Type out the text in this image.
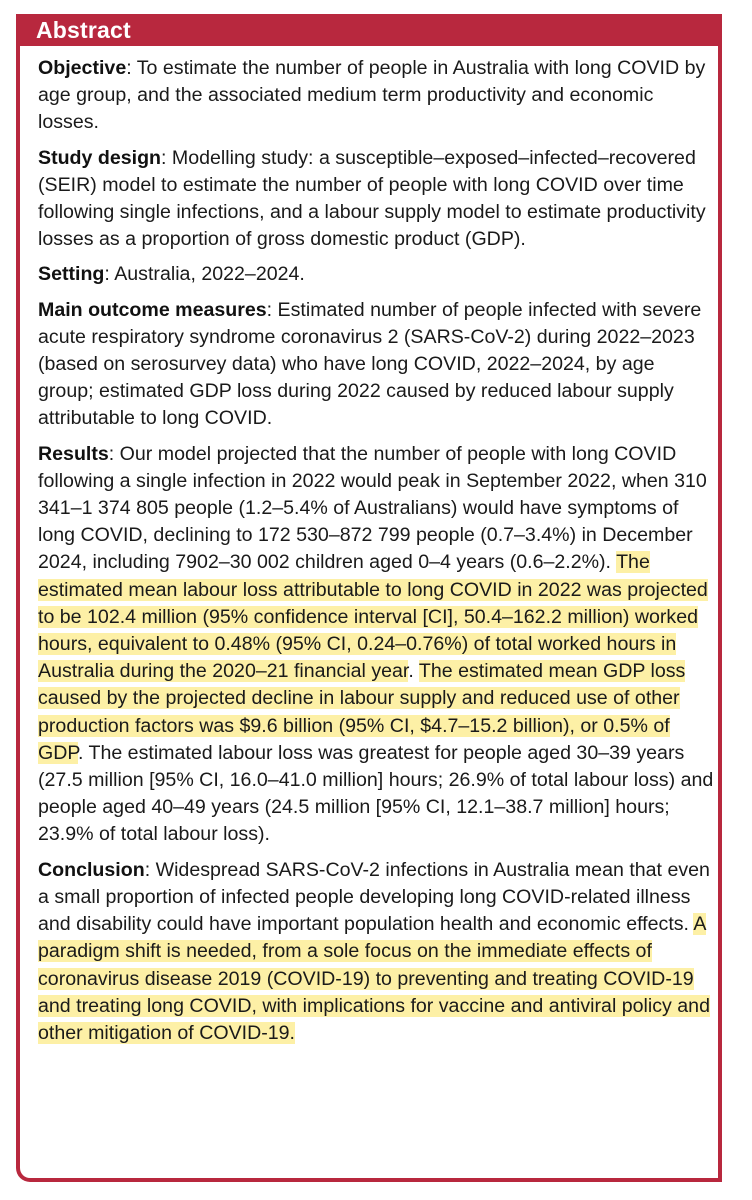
Abstract

Objective: To estimate the number of people in Australia with long COVID by age group, and the associated medium term productivity and economic losses.

Study design: Modelling study: a susceptible–exposed–infected–recovered (SEIR) model to estimate the number of people with long COVID over time following single infections, and a labour supply model to estimate productivity losses as a proportion of gross domestic product (GDP).

Setting: Australia, 2022–2024.

Main outcome measures: Estimated number of people infected with severe acute respiratory syndrome coronavirus 2 (SARS-CoV-2) during 2022–2023 (based on serosurvey data) who have long COVID, 2022–2024, by age group; estimated GDP loss during 2022 caused by reduced labour supply attributable to long COVID.

Results: Our model projected that the number of people with long COVID following a single infection in 2022 would peak in September 2022, when 310 341–1 374 805 people (1.2–5.4% of Australians) would have symptoms of long COVID, declining to 172 530–872 799 people (0.7–3.4%) in December 2024, including 7902–30 002 children aged 0–4 years (0.6–2.2%). The estimated mean labour loss attributable to long COVID in 2022 was projected to be 102.4 million (95% confidence interval [CI], 50.4–162.2 million) worked hours, equivalent to 0.48% (95% CI, 0.24–0.76%) of total worked hours in Australia during the 2020–21 financial year. The estimated mean GDP loss caused by the projected decline in labour supply and reduced use of other production factors was $9.6 billion (95% CI, $4.7–15.2 billion), or 0.5% of GDP. The estimated labour loss was greatest for people aged 30–39 years (27.5 million [95% CI, 16.0–41.0 million] hours; 26.9% of total labour loss) and people aged 40–49 years (24.5 million [95% CI, 12.1–38.7 million] hours; 23.9% of total labour loss).

Conclusion: Widespread SARS-CoV-2 infections in Australia mean that even a small proportion of infected people developing long COVID-related illness and disability could have important population health and economic effects. A paradigm shift is needed, from a sole focus on the immediate effects of coronavirus disease 2019 (COVID-19) to preventing and treating COVID-19 and treating long COVID, with implications for vaccine and antiviral policy and other mitigation of COVID-19.
